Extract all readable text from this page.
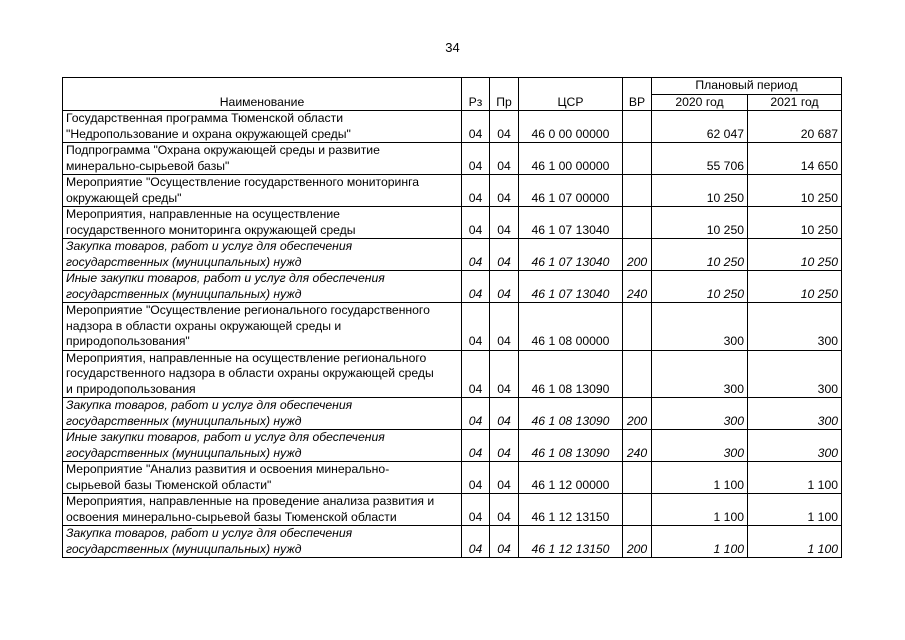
34
Наименование	Рз	Пр	ЦСР	ВР	Плановый период	
					2020 год	2021 год
Государственная программа Тюменской области
"Недропользование и охрана окружающей среды"	04	04	46 0 00 00000		62 047	20 687
Подпрограмма "Охрана окружающей среды и развитие
минерально-сырьевой базы"	04	04	46 1 00 00000		55 706	14 650
Мероприятие "Осуществление государственного мониторинга
окружающей среды"	04	04	46 1 07 00000		10 250	10 250
Мероприятия, направленные на осуществление
государственного мониторинга окружающей среды	04	04	46 1 07 13040		10 250	10 250
Закупка товаров, работ и услуг для обеспечения
государственных (муниципальных) нужд	04	04	46 1 07 13040	200	10 250	10 250
Иные закупки товаров, работ и услуг для обеспечения
государственных (муниципальных) нужд	04	04	46 1 07 13040	240	10 250	10 250
Мероприятие "Осуществление регионального государственного
надзора в области охраны окружающей среды и
природопользования"	04	04	46 1 08 00000		300	300
Мероприятия, направленные на осуществление регионального
государственного надзора в области охраны окружающей среды
и природопользования	04	04	46 1 08 13090		300	300
Закупка товаров, работ и услуг для обеспечения
государственных (муниципальных) нужд	04	04	46 1 08 13090	200	300	300
Иные закупки товаров, работ и услуг для обеспечения
государственных (муниципальных) нужд	04	04	46 1 08 13090	240	300	300
Мероприятие "Анализ развития и освоения минерально-
сырьевой базы Тюменской области"	04	04	46 1 12 00000		1 100	1 100
Мероприятия, направленные на проведение анализа развития и
освоения минерально-сырьевой базы Тюменской области	04	04	46 1 12 13150		1 100	1 100
Закупка товаров, работ и услуг для обеспечения
государственных (муниципальных) нужд	04	04	46 1 12 13150	200	1 100	1 100
